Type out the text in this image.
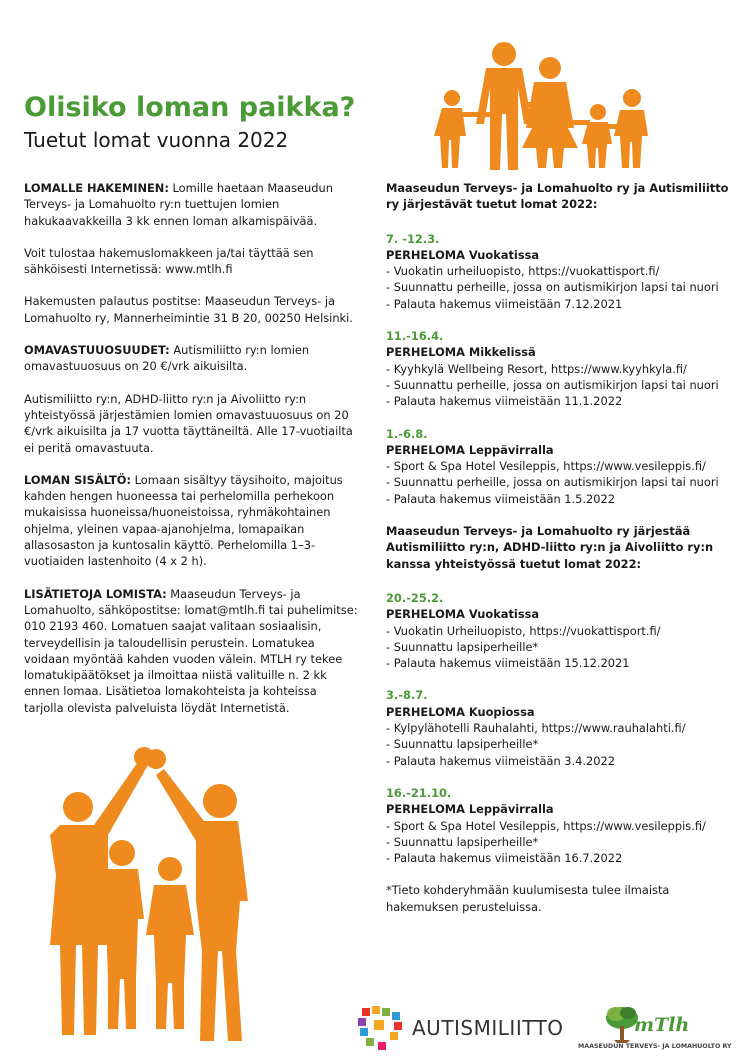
Olisiko loman paikka?
Tuetut lomat vuonna 2022

LOMALLE HAKEMINEN: Lomille haetaan Maaseudun Terveys- ja Lomahuolto ry:n tuettujen lomien hakukaavakkeilla 3 kk ennen loman alkamispäivää.

Voit tulostaa hakemuslomakkeen ja/tai täyttää sen sähköisesti Internetissä: www.mtlh.fi

Hakemusten palautus postitse: Maaseudun Terveys- ja Lomahuolto ry, Mannerheimintie 31 B 20, 00250 Helsinki.

OMAVASTUUOSUUDET: Autismiliitto ry:n lomien omavastuuosuus on 20 €/vrk aikuisilta.

Autismiliitto ry:n, ADHD-liitto ry:n ja Aivoliitto ry:n yhteistyössä järjestämien lomien omavastuuosuus on 20 €/vrk aikuisilta ja 17 vuotta täyttäneiltä. Alle 17-vuotiailta ei peritä omavastuuta.

LOMAN SISÄLTÖ: Lomaan sisältyy täysihoito, majoitus kahden hengen huoneessa tai perhelomilla perhekoon mukaisissa huoneissa/huoneistoissa, ryhmäkohtainen ohjelma, yleinen vapaa-ajanohjelma, lomapaikan allasosaston ja kuntosalin käyttö. Perhelomilla 1–3-vuotiaiden lastenhoito (4 x 2 h).

LISÄTIETOJA LOMISTA: Maaseudun Terveys- ja Lomahuolto, sähköpostitse: lomat@mtlh.fi tai puhelimitse: 010 2193 460. Lomatuen saajat valitaan sosiaalisin, terveydellisin ja taloudellisin perustein. Lomatukea voidaan myöntää kahden vuoden välein. MTLH ry tekee lomatukipäätökset ja ilmoittaa niistä valituille n. 2 kk ennen lomaa. Lisätietoa lomakohteista ja kohteissa tarjolla olevista palveluista löydät Internetistä.

Maaseudun Terveys- ja Lomahuolto ry ja Autismiliitto ry järjestävät tuetut lomat 2022:

7. -12.3.
PERHELOMA Vuokatissa
- Vuokatin urheiluopisto, https://vuokattisport.fi/
- Suunnattu perheille, jossa on autismikirjon lapsi tai nuori
- Palauta hakemus viimeistään 7.12.2021
11.-16.4.
PERHELOMA Mikkelissä
- Kyyhkylä Wellbeing Resort, https://www.kyyhkyla.fi/
- Suunnattu perheille, jossa on autismikirjon lapsi tai nuori
- Palauta hakemus viimeistään 11.1.2022
1.-6.8.
PERHELOMA Leppävirralla
- Sport & Spa Hotel Vesileppis, https://www.vesileppis.fi/
- Suunnattu perheille, jossa on autismikirjon lapsi tai nuori
- Palauta hakemus viimeistään 1.5.2022

Maaseudun Terveys- ja Lomahuolto ry järjestää Autismiliitto ry:n, ADHD-liitto ry:n ja Aivoliitto ry:n kanssa yhteistyössä tuetut lomat 2022:

20.-25.2.
PERHELOMA Vuokatissa
- Vuokatin Urheiluopisto, https://vuokattisport.fi/
- Suunnattu lapsiperheille*
- Palauta hakemus viimeistään 15.12.2021
3.-8.7.
PERHELOMA Kuopiossa
- Kylpylähotelli Rauhalahti, https://www.rauhalahti.fi/
- Suunnattu lapsiperheille*
- Palauta hakemus viimeistään 3.4.2022
16.-21.10.
PERHELOMA Leppävirralla
- Sport & Spa Hotel Vesileppis, https://www.vesileppis.fi/
- Suunnattu lapsiperheille*
- Palauta hakemus viimeistään 16.7.2022

*Tieto kohderyhmään kuulumisesta tulee ilmaista hakemuksen perusteluissa.

AUTISMILIITTO	mTlh
MAASEUDUN TERVEYS- JA LOMAHUOLTO RY
